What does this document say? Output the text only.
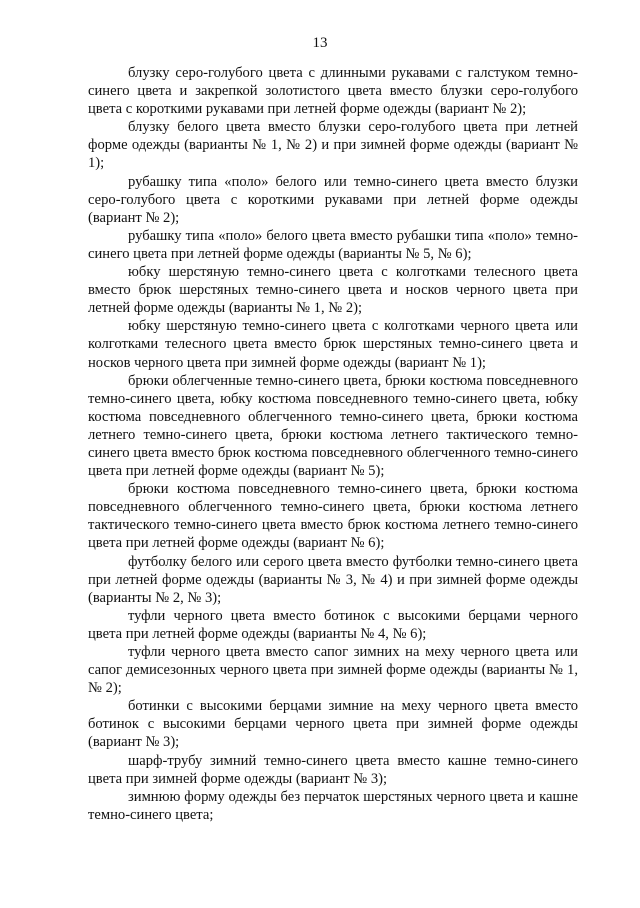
13

блузку серо-голубого цвета с длинными рукавами с галстуком темно-синего цвета и закрепкой золотистого цвета вместо блузки серо-голубого цвета с короткими рукавами при летней форме одежды (вариант № 2);

блузку белого цвета вместо блузки серо-голубого цвета при летней форме одежды (варианты № 1, № 2) и при зимней форме одежды (вариант № 1);

рубашку типа «поло» белого или темно-синего цвета вместо блузки серо-голубого цвета с короткими рукавами при летней форме одежды (вариант № 2);

рубашку типа «поло» белого цвета вместо рубашки типа «поло» темно-синего цвета при летней форме одежды (варианты № 5, № 6);

юбку шерстяную темно-синего цвета с колготками телесного цвета вместо брюк шерстяных темно-синего цвета и носков черного цвета при летней форме одежды (варианты № 1, № 2);

юбку шерстяную темно-синего цвета с колготками черного цвета или колготками телесного цвета вместо брюк шерстяных темно-синего цвета и носков черного цвета при зимней форме одежды (вариант № 1);

брюки облегченные темно-синего цвета, брюки костюма повседневного темно-синего цвета, юбку костюма повседневного темно-синего цвета, юбку костюма повседневного облегченного темно-синего цвета, брюки костюма летнего темно-синего цвета, брюки костюма летнего тактического темно-синего цвета вместо брюк костюма повседневного облегченного темно-синего цвета при летней форме одежды (вариант № 5);

брюки костюма повседневного темно-синего цвета, брюки костюма повседневного облегченного темно-синего цвета, брюки костюма летнего тактического темно-синего цвета вместо брюк костюма летнего темно-синего цвета при летней форме одежды (вариант № 6);

футболку белого или серого цвета вместо футболки темно-синего цвета при летней форме одежды (варианты № 3, № 4) и при зимней форме одежды (варианты № 2, № 3);

туфли черного цвета вместо ботинок с высокими берцами черного цвета при летней форме одежды (варианты № 4, № 6);

туфли черного цвета вместо сапог зимних на меху черного цвета или сапог демисезонных черного цвета при зимней форме одежды (варианты № 1, № 2);

ботинки с высокими берцами зимние на меху черного цвета вместо ботинок с высокими берцами черного цвета при зимней форме одежды (вариант № 3);

шарф-трубу зимний темно-синего цвета вместо кашне темно-синего цвета при зимней форме одежды (вариант № 3);

зимнюю форму одежды без перчаток шерстяных черного цвета и кашне темно-синего цвета;
